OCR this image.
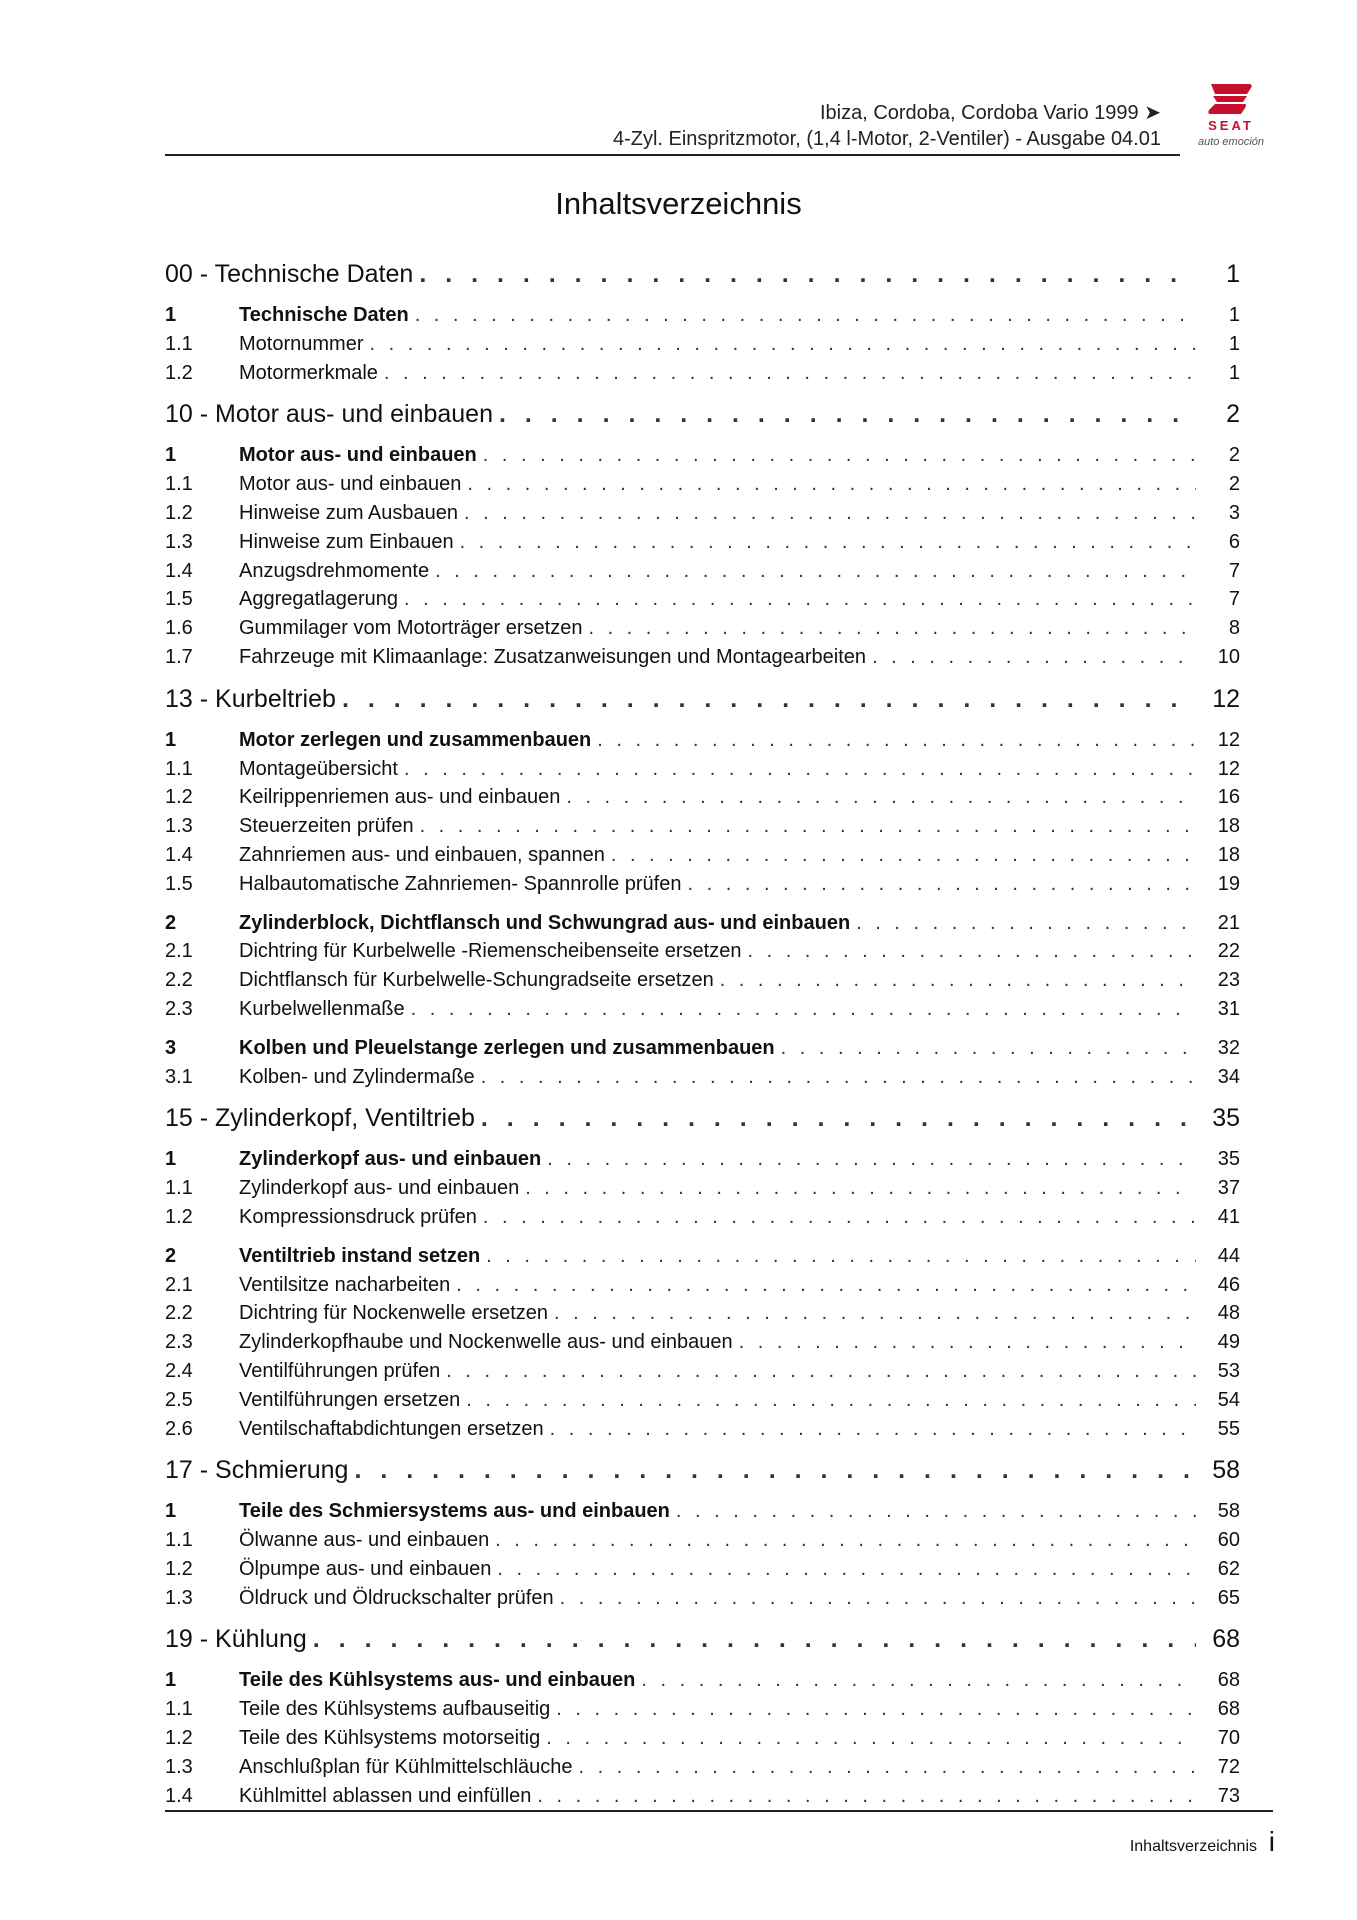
Ibiza, Cordoba, Cordoba Vario 1999 ➤
4-Zyl. Einspritzmotor, (1,4 l-Motor, 2-Ventiler) - Ausgabe 04.01
SEAT
auto emoción
Inhaltsverzeichnis
00 - Technische Daten . . .	1
1	Technische Daten . . .	1
1.1	Motornummer . . .	1
1.2	Motormerkmale . . .	1
10 - Motor aus- und einbauen . . .	2
1	Motor aus- und einbauen . . .	2
1.1	Motor aus- und einbauen . . .	2
1.2	Hinweise zum Ausbauen . . .	3
1.3	Hinweise zum Einbauen . . .	6
1.4	Anzugsdrehmomente . . .	7
1.5	Aggregatlagerung . . .	7
1.6	Gummilager vom Motorträger ersetzen . . .	8
1.7	Fahrzeuge mit Klimaanlage: Zusatzanweisungen und Montagearbeiten . . .	10
13 - Kurbeltrieb . . .	12
1	Motor zerlegen und zusammenbauen . . .	12
1.1	Montageübersicht . . .	12
1.2	Keilrippenriemen aus- und einbauen . . .	16
1.3	Steuerzeiten prüfen . . .	18
1.4	Zahnriemen aus- und einbauen, spannen . . .	18
1.5	Halbautomatische Zahnriemen- Spannrolle prüfen . . .	19
2	Zylinderblock, Dichtflansch und Schwungrad aus- und einbauen . . .	21
2.1	Dichtring für Kurbelwelle -Riemenscheibenseite ersetzen . . .	22
2.2	Dichtflansch für Kurbelwelle-Schungradseite ersetzen . . .	23
2.3	Kurbelwellenmaße . . .	31
3	Kolben und Pleuelstange zerlegen und zusammenbauen . . .	32
3.1	Kolben- und Zylindermaße . . .	34
15 - Zylinderkopf, Ventiltrieb . . .	35
1	Zylinderkopf aus- und einbauen . . .	35
1.1	Zylinderkopf aus- und einbauen . . .	37
1.2	Kompressionsdruck prüfen . . .	41
2	Ventiltrieb instand setzen . . .	44
2.1	Ventilsitze nacharbeiten . . .	46
2.2	Dichtring für Nockenwelle ersetzen . . .	48
2.3	Zylinderkopfhaube und Nockenwelle aus- und einbauen . . .	49
2.4	Ventilführungen prüfen . . .	53
2.5	Ventilführungen ersetzen . . .	54
2.6	Ventilschaftabdichtungen ersetzen . . .	55
17 - Schmierung . . .	58
1	Teile des Schmiersystems aus- und einbauen . . .	58
1.1	Ölwanne aus- und einbauen . . .	60
1.2	Ölpumpe aus- und einbauen . . .	62
1.3	Öldruck und Öldruckschalter prüfen . . .	65
19 - Kühlung . . .	68
1	Teile des Kühlsystems aus- und einbauen . . .	68
1.1	Teile des Kühlsystems aufbauseitig . . .	68
1.2	Teile des Kühlsystems motorseitig . . .	70
1.3	Anschlußplan für Kühlmittelschläuche . . .	72
1.4	Kühlmittel ablassen und einfüllen . . .	73
Inhaltsverzeichnis i
